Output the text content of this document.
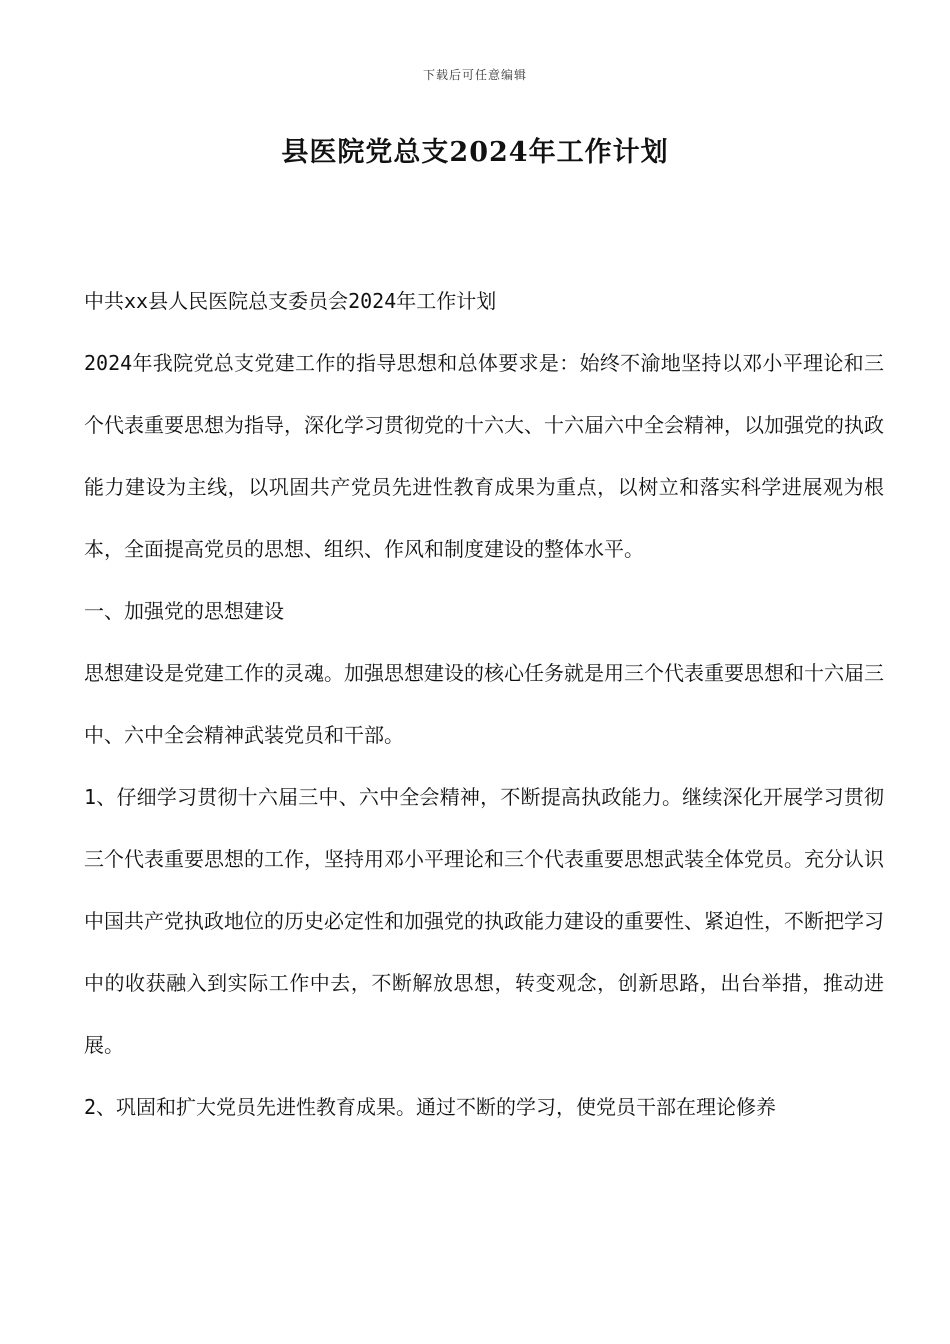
下载后可任意编辑
县医院党总支2024年工作计划

中共xx县人民医院总支委员会2024年工作计划

2024年我院党总支党建工作的指导思想和总体要求是：始终不渝地坚持以邓小平理论和三个代表重要思想为指导，深化学习贯彻党的十六大、十六届六中全会精神，以加强党的执政能力建设为主线，以巩固共产党员先进性教育成果为重点，以树立和落实科学进展观为根本，全面提高党员的思想、组织、作风和制度建设的整体水平。

一、加强党的思想建设

思想建设是党建工作的灵魂。加强思想建设的核心任务就是用三个代表重要思想和十六届三中、六中全会精神武装党员和干部。

1、仔细学习贯彻十六届三中、六中全会精神，不断提高执政能力。继续深化开展学习贯彻三个代表重要思想的工作，坚持用邓小平理论和三个代表重要思想武装全体党员。充分认识中国共产党执政地位的历史必定性和加强党的执政能力建设的重要性、紧迫性，不断把学习中的收获融入到实际工作中去，不断解放思想，转变观念，创新思路，出台举措，推动进展。

2、巩固和扩大党员先进性教育成果。通过不断的学习，使党员干部在理论修养
